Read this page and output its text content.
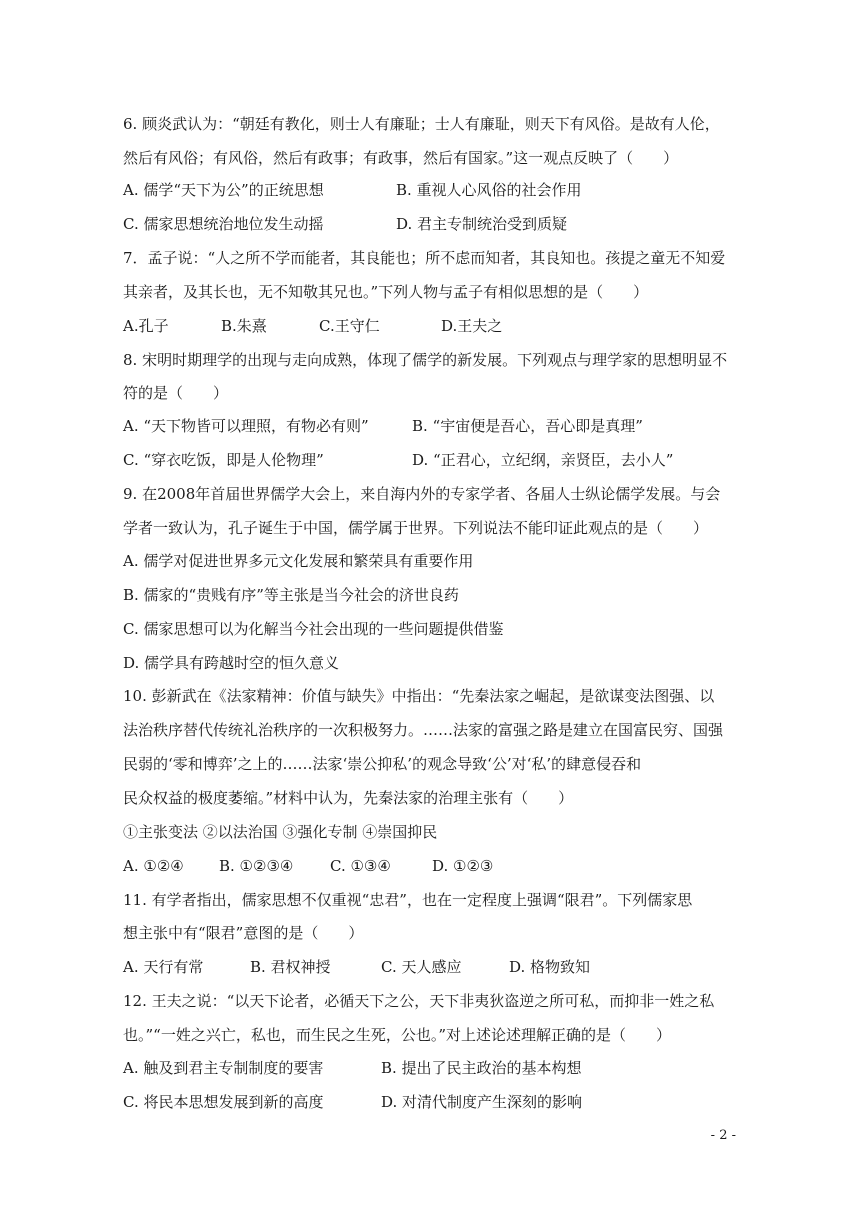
6. 顾炎武认为：“朝廷有教化，则士人有廉耻；士人有廉耻，则天下有风俗。是故有人伦，
然后有风俗；有风俗，然后有政事；有政事，然后有国家。”这一观点反映了（　　）
A. 儒学“天下为公”的正统思想	B. 重视人心风俗的社会作用
C. 儒家思想统治地位发生动摇	D. 君主专制统治受到质疑
7．孟子说：“人之所不学而能者，其良能也；所不虑而知者，其良知也。孩提之童无不知爱
其亲者，及其长也，无不知敬其兄也。”下列人物与孟子有相似思想的是（　　）
A.孔子	B.朱熹	C.王守仁	D.王夫之
8. 宋明时期理学的出现与走向成熟，体现了儒学的新发展。下列观点与理学家的思想明显不
符的是（　　）
A. “天下物皆可以理照，有物必有则”	B. “宇宙便是吾心，吾心即是真理”
C. “穿衣吃饭，即是人伦物理”	D. “正君心，立纪纲，亲贤臣，去小人”
9. 在2008年首届世界儒学大会上，来自海内外的专家学者、各届人士纵论儒学发展。与会
学者一致认为，孔子诞生于中国，儒学属于世界。下列说法不能印证此观点的是（　　）
A. 儒学对促进世界多元文化发展和繁荣具有重要作用
B. 儒家的“贵贱有序”等主张是当今社会的济世良药
C. 儒家思想可以为化解当今社会出现的一些问题提供借鉴
D. 儒学具有跨越时空的恒久意义
10. 彭新武在《法家精神：价值与缺失》中指出：“先秦法家之崛起，是欲谋变法图强、以
法治秩序替代传统礼治秩序的一次积极努力。……法家的富强之路是建立在国富民穷、国强
民弱的‘零和博弈’之上的……法家‘崇公抑私’的观念导致‘公’对‘私’的肆意侵吞和
民众权益的极度萎缩。”材料中认为，先秦法家的治理主张有（　　）
①主张变法 ②以法治国 ③强化专制 ④崇国抑民
A. ①②④ B. ①②③④ C. ①③④	D. ①②③
11. 有学者指出，儒家思想不仅重视“忠君”，也在一定程度上强调“限君”。下列儒家思
想主张中有“限君”意图的是（　　）
A. 天行有常	B. 君权神授	C. 天人感应	D. 格物致知
12. 王夫之说：“以天下论者，必循天下之公，天下非夷狄盗逆之所可私，而抑非一姓之私
也。”“一姓之兴亡，私也，而生民之生死，公也。”对上述论述理解正确的是（　　）
A. 触及到君主专制制度的要害	B. 提出了民主政治的基本构想
C. 将民本思想发展到新的高度	D. 对清代制度产生深刻的影响
- 2 -
